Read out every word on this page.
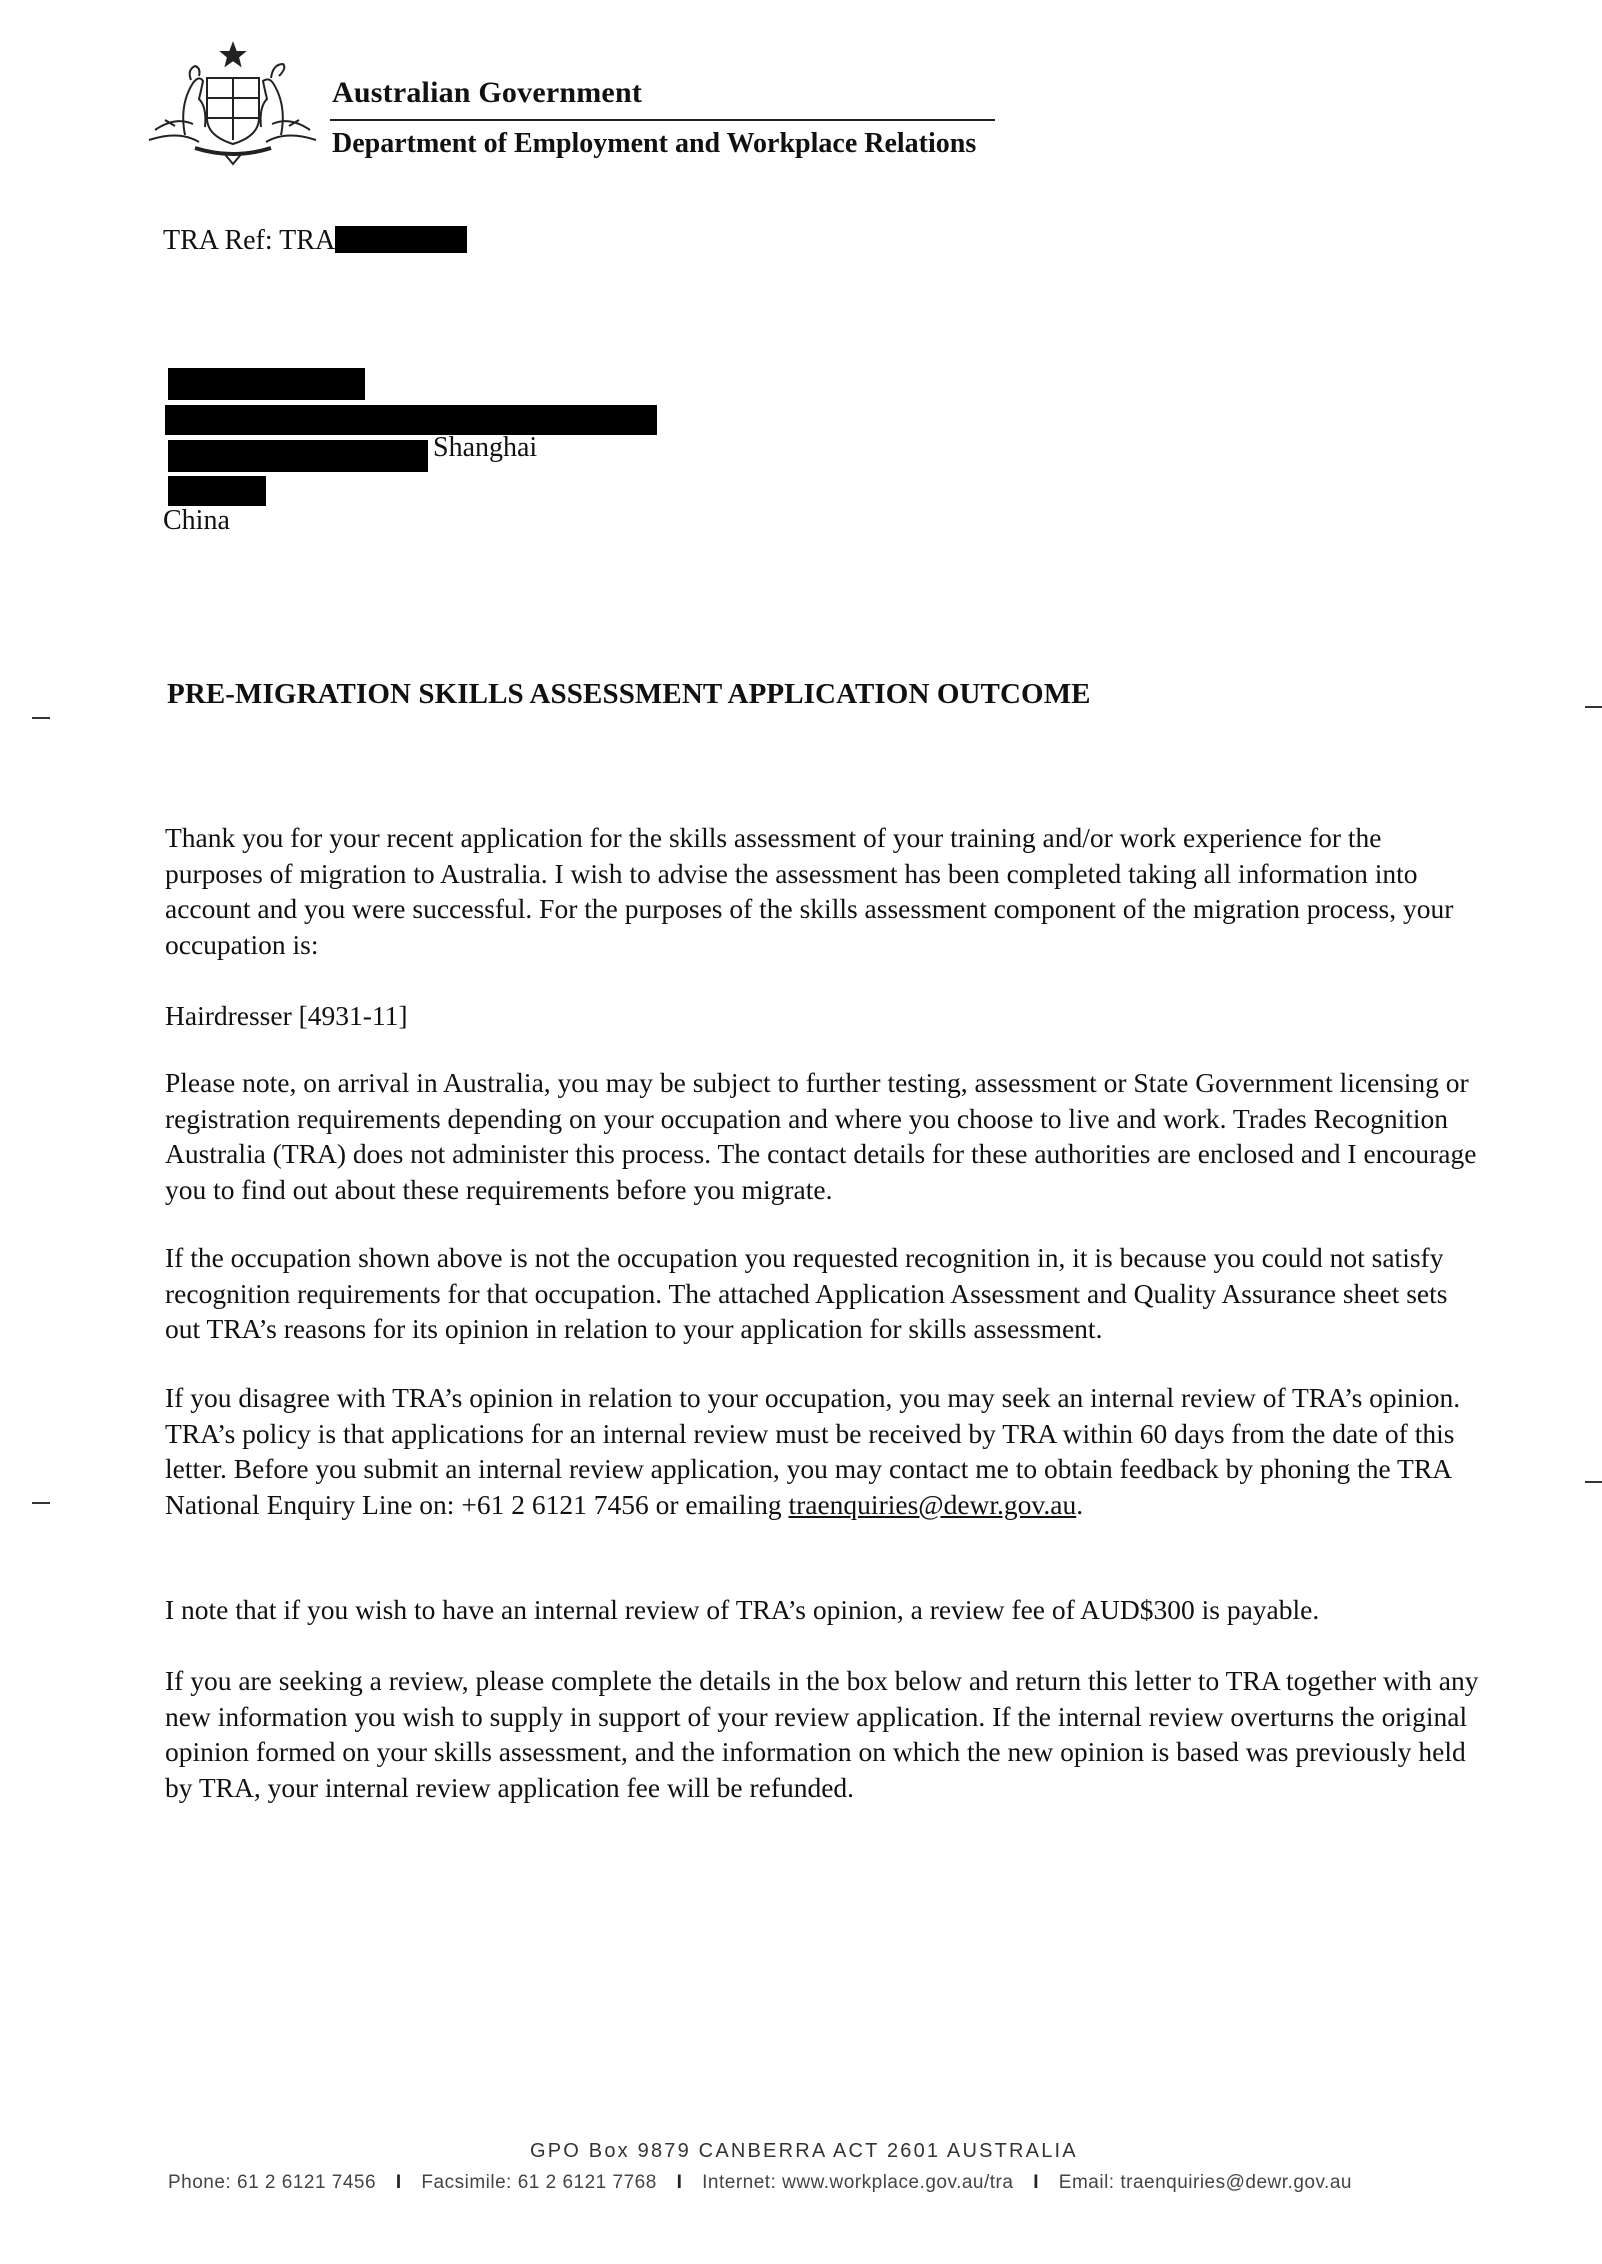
Australian Government
Department of Employment and Workplace Relations
TRA Ref: TRA
Shanghai
China
PRE-MIGRATION SKILLS ASSESSMENT APPLICATION OUTCOME
Thank you for your recent application for the skills assessment of your training and/or work experience for the purposes of migration to Australia. I wish to advise the assessment has been completed taking all information into account and you were successful. For the purposes of the skills assessment component of the migration process, your occupation is:
Hairdresser [4931-11]
Please note, on arrival in Australia, you may be subject to further testing, assessment or State Government licensing or registration requirements depending on your occupation and where you choose to live and work. Trades Recognition Australia (TRA) does not administer this process. The contact details for these authorities are enclosed and I encourage you to find out about these requirements before you migrate.
If the occupation shown above is not the occupation you requested recognition in, it is because you could not satisfy recognition requirements for that occupation. The attached Application Assessment and Quality Assurance sheet sets out TRA’s reasons for its opinion in relation to your application for skills assessment.
If you disagree with TRA’s opinion in relation to your occupation, you may seek an internal review of TRA’s opinion. TRA’s policy is that applications for an internal review must be received by TRA within 60 days from the date of this letter. Before you submit an internal review application, you may contact me to obtain feedback by phoning the TRA National Enquiry Line on: +61 2 6121 7456 or emailing traenquiries@dewr.gov.au.
I note that if you wish to have an internal review of TRA’s opinion, a review fee of AUD$300 is payable.
If you are seeking a review, please complete the details in the box below and return this letter to TRA together with any new information you wish to supply in support of your review application. If the internal review overturns the original opinion formed on your skills assessment, and the information on which the new opinion is based was previously held by TRA, your internal review application fee will be refunded.
GPO Box 9879 CANBERRA ACT 2601 AUSTRALIA
Phone: 61 2 6121 7456 I Facsimile: 61 2 6121 7768 I Internet: www.workplace.gov.au/tra I Email: traenquiries@dewr.gov.au
